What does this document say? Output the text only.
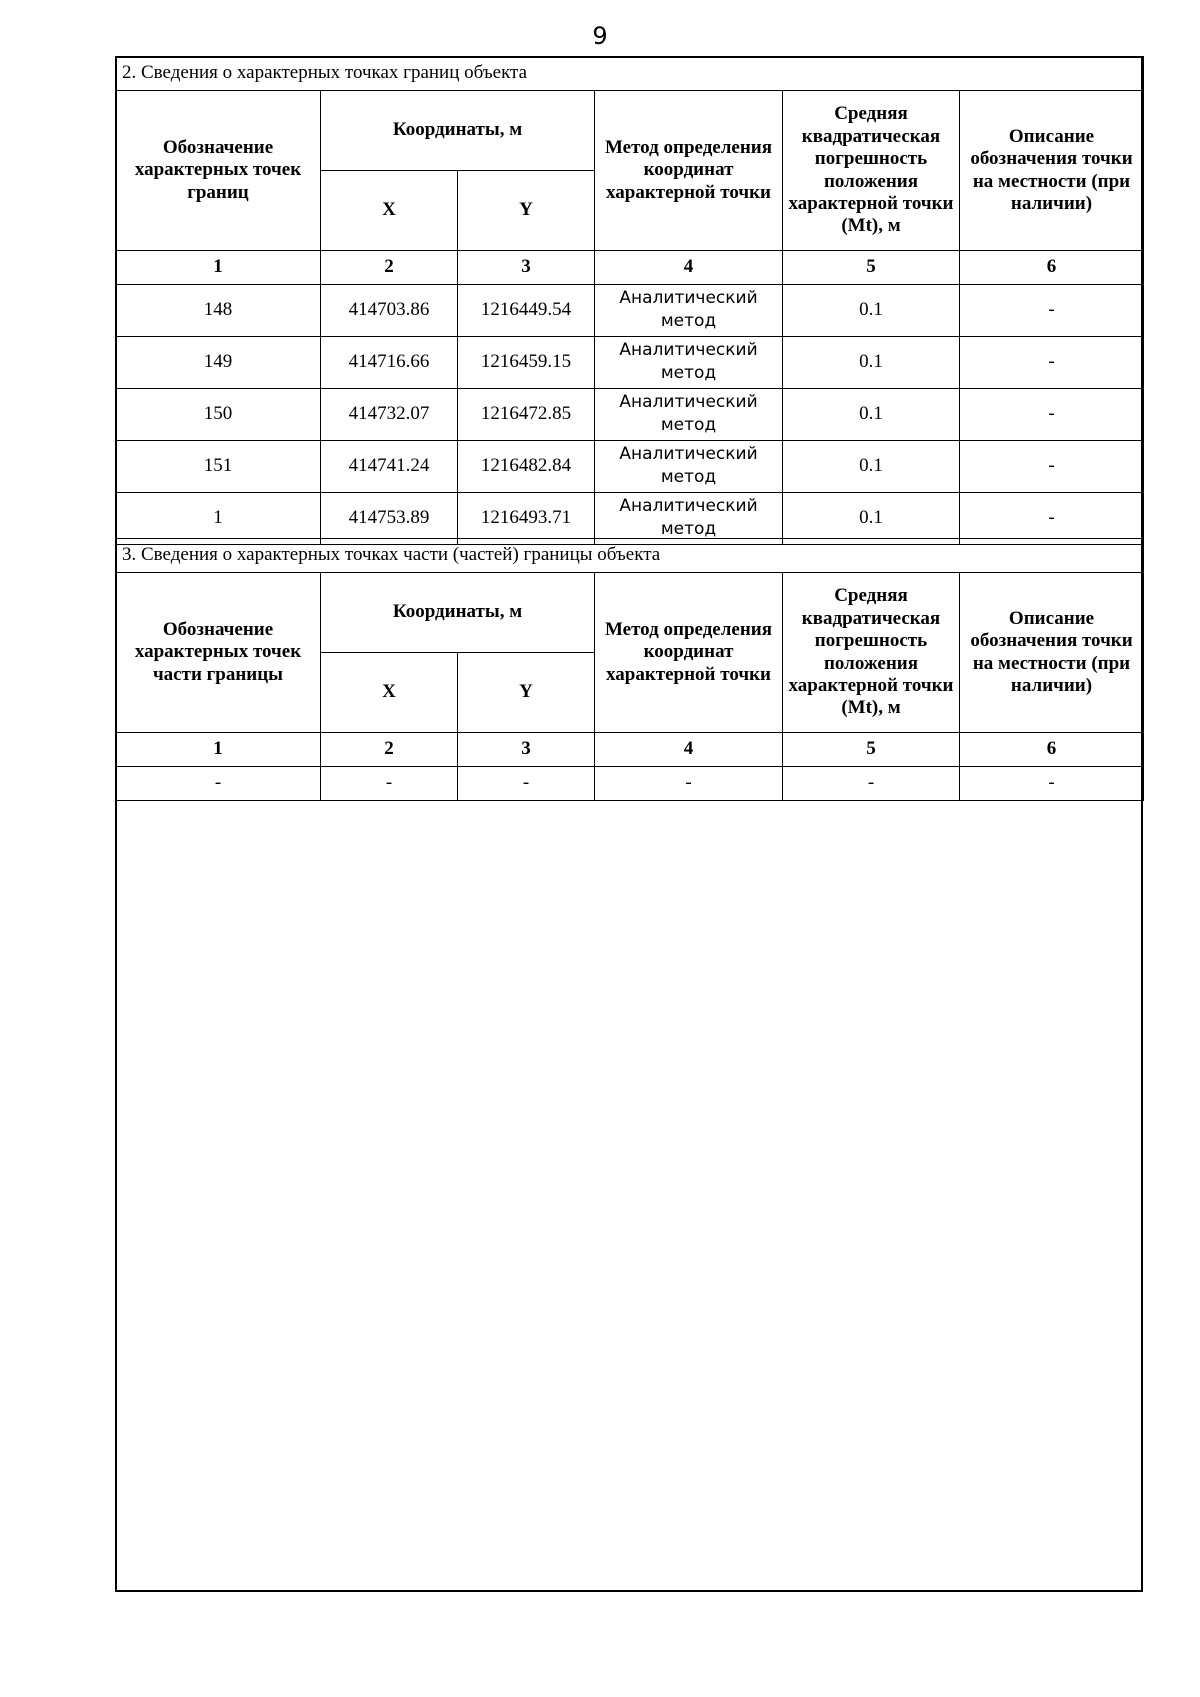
9
2. Сведения о характерных точках границ объекта					
Обозначение характерных точек границ	Координаты, м		Метод определения координат характерной точки	Средняя квадратическая погрешность положения характерной точки (Mt), м	Описание обозначения точки на местности (при наличии)
	X	Y			
1	2	3	4	5	6
148	414703.86	1216449.54	Аналитический метод	0.1	-
149	414716.66	1216459.15	Аналитический метод	0.1	-
150	414732.07	1216472.85	Аналитический метод	0.1	-
151	414741.24	1216482.84	Аналитический метод	0.1	-
1	414753.89	1216493.71	Аналитический метод	0.1	-
3. Сведения о характерных точках части (частей) границы объекта					
Обозначение характерных точек части границы	Координаты, м		Метод определения координат характерной точки	Средняя квадратическая погрешность положения характерной точки (Mt), м	Описание обозначения точки на местности (при наличии)
	X	Y			
1	2	3	4	5	6
-	-	-	-	-	-
